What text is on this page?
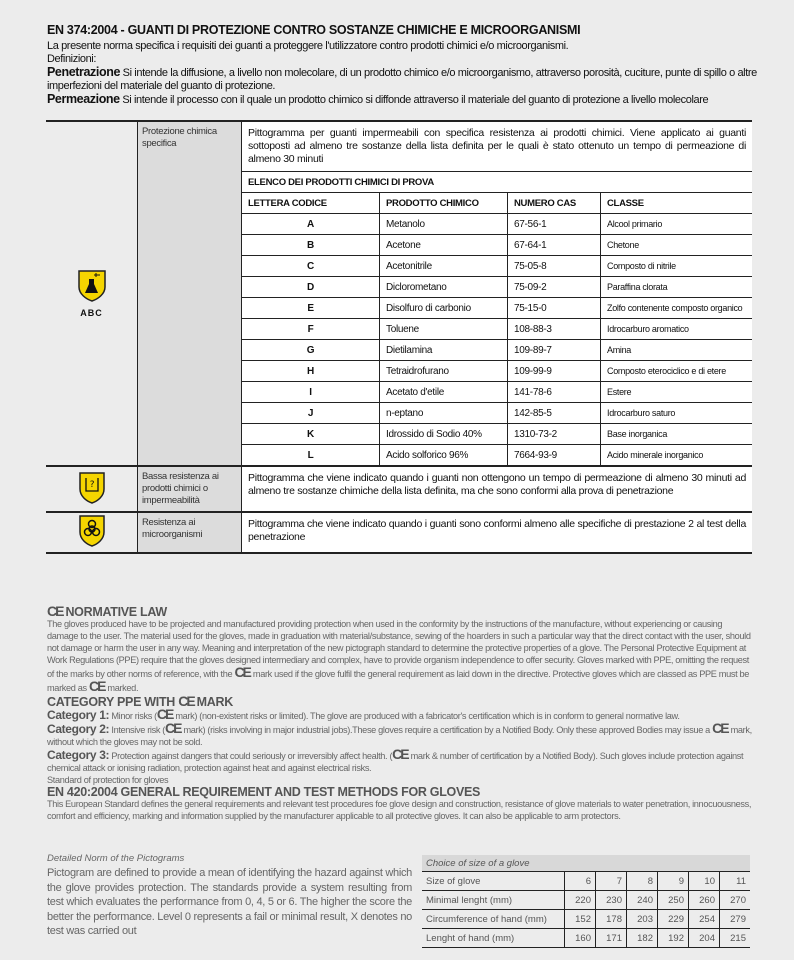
EN 374:2004 - GUANTI DI PROTEZIONE CONTRO SOSTANZE CHIMICHE E MICROORGANISMI
La presente norma specifica i requisiti dei guanti a proteggere l'utilizzatore contro prodotti chimici e/o microorganismi.
Definizioni:
Penetrazione Si intende la diffusione, a livello non molecolare, di un prodotto chimico e/o microorganismo, attraverso porosità, cuciture, punte di spillo o altre imperfezioni del materiale del guanto di protezione.
Permeazione Si intende il processo con il quale un prodotto chimico si diffonde attraverso il materiale del guanto di protezione a livello molecolare
ABC
	Protezione chimica specifica	
Pittogramma per guanti impermeabili con specifica resistenza ai prodotti chimici. Viene applicato ai guanti sottoposti ad almeno tre sostanze della lista definita per le quali è stato ottenuto un tempo di permeazione di almeno 30 minuti
ELENCO DEI PRODOTTI CHIMICI DI PROVA
LETTERA CODICE	PRODOTTO CHIMICO	NUMERO CAS	CLASSE
A	Metanolo	67-56-1	Alcool primario
B	Acetone	67-64-1	Chetone
C	Acetonitrile	75-05-8	Composto di nitrile
D	Diclorometano	75-09-2	Paraffina clorata
E	Disolfuro di carbonio	75-15-0	Zolfo contenente composto organico
F	Toluene	108-88-3	Idrocarburo aromatico
G	Dietilamina	109-89-7	Amina
H	Tetraidrofurano	109-99-9	Composto eterociclico e di etere
I	Acetato d'etile	141-78-6	Estere
J	n-eptano	142-85-5	Idrocarburo saturo
K	Idrossido di Sodio 40%	1310-73-2	Base inorganica
L	Acido solforico 96%	7664-93-9	Acido minerale inorganico

?
	Bassa resistenza ai prodotti chimici o impermeabilità	Pittogramma che viene indicato quando i guanti non ottengono un tempo di permeazione di almeno 30 minuti ad almeno tre sostanze chimiche della lista definita, ma che sono conformi alla prova di penetrazione
	Resistenza ai microorganismi	Pittogramma che viene indicato quando i guanti sono conformi almeno alle specifiche di prestazione 2 al test della penetrazione
CE NORMATIVE LAW

The gloves produced have to be projected and manufactured providing protection when used in the conformity by the instructions of the manufacture, without experiencing or causing damage to the user. The material used for the gloves, made in graduation with material/substance, sewing of the hoarders in such a particular way that the direct contact with the user, should not damage or harm the user in any way. Meaning and interpretation of the new pictograph standard to determine the protective properties of a glove. The Personal Protective Equipment at Work Regulations (PPE) require that the gloves designed intermediary and complex, have to provide organism independence to offer security. Gloves marked with PPE, omitting the request of the marks by other norms of reference, with the CE mark used if the glove fulfil the general requirement as laid down in the directive. Protective gloves which are classed as PPE must be marked as CE marked.

CATEGORY PPE WITH CE MARK

Category 1: Minor risks (CE mark) (non-existent risks or limited). The glove are produced with a fabricator's certification which is in conform to general normative law.

Category 2: Intensive risk (CE mark) (risks involving in major industrial jobs).These gloves require a certification by a Notified Body. Only these approved Bodies may issue a CE mark, without which the gloves may not be sold.

Category 3: Protection against dangers that could seriously or irreversibly affect health. (CE mark & number of certification by a Notified Body). Such gloves include protection against chemical attack or ionising radiation, protection against heat and against electrical risks.

Standard of protection for gloves

EN 420:2004 GENERAL REQUIREMENT AND TEST METHODS FOR GLOVES

This European Standard defines the general requirements and relevant test procedures foe glove design and construction, resistance of glove materials to water penetration, innocuousness, comfort and efficiency, marking and information supplied by the manufacturer applicable to all protective gloves. It can also be applicable to arm protectors.

Detailed Norm of the Pictograms

Pictogram are defined to provide a mean of identifying the hazard against which the glove provides protection. The standards provide a system resulting from test which evaluates the performance from 0, 4, 5 or 6. The higher the score the better the performance. Level 0 represents a fail or minimal result, X denotes no test was carried out

Choice of size of a glove						
Size of glove	6	7	8	9	10	11
Minimal lenght (mm)	220	230	240	250	260	270
Circumference of hand (mm)	152	178	203	229	254	279
Lenght of hand (mm)	160	171	182	192	204	215
